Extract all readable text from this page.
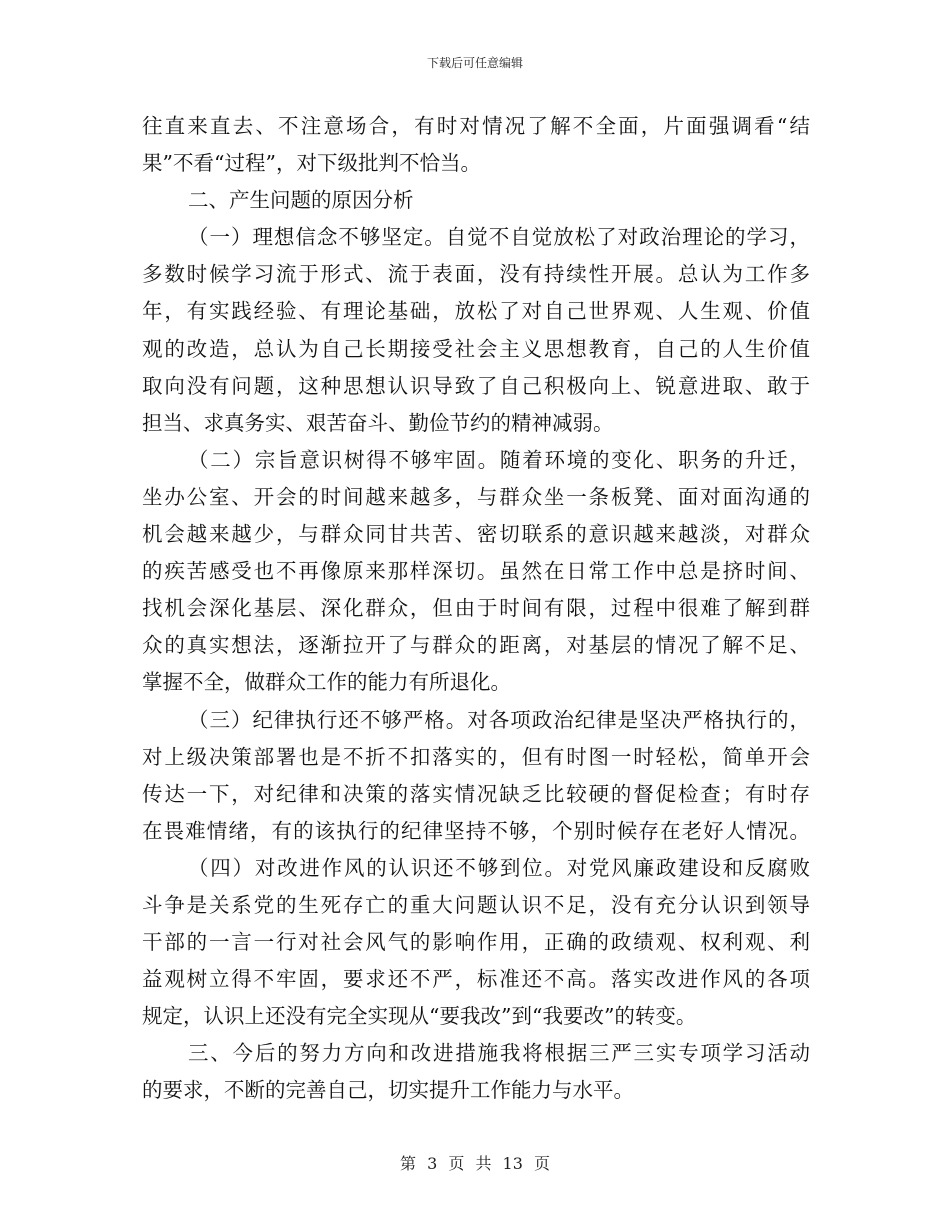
下载后可任意编辑
往直来直去、不注意场合，有时对情况了解不全面，片面强调看“结
果”不看“过程”，对下级批判不恰当。
二、产生问题的原因分析
（一）理想信念不够坚定。自觉不自觉放松了对政治理论的学习，
多数时候学习流于形式、流于表面，没有持续性开展。总认为工作多
年，有实践经验、有理论基础，放松了对自己世界观、人生观、价值
观的改造，总认为自己长期接受社会主义思想教育，自己的人生价值
取向没有问题，这种思想认识导致了自己积极向上、锐意进取、敢于
担当、求真务实、艰苦奋斗、勤俭节约的精神减弱。
（二）宗旨意识树得不够牢固。随着环境的变化、职务的升迁，
坐办公室、开会的时间越来越多，与群众坐一条板凳、面对面沟通的
机会越来越少，与群众同甘共苦、密切联系的意识越来越淡，对群众
的疾苦感受也不再像原来那样深切。虽然在日常工作中总是挤时间、
找机会深化基层、深化群众，但由于时间有限，过程中很难了解到群
众的真实想法，逐渐拉开了与群众的距离，对基层的情况了解不足、
掌握不全，做群众工作的能力有所退化。
（三）纪律执行还不够严格。对各项政治纪律是坚决严格执行的，
对上级决策部署也是不折不扣落实的，但有时图一时轻松，简单开会
传达一下，对纪律和决策的落实情况缺乏比较硬的督促检查；有时存
在畏难情绪，有的该执行的纪律坚持不够，个别时候存在老好人情况。
（四）对改进作风的认识还不够到位。对党风廉政建设和反腐败
斗争是关系党的生死存亡的重大问题认识不足，没有充分认识到领导
干部的一言一行对社会风气的影响作用，正确的政绩观、权利观、利
益观树立得不牢固，要求还不严，标准还不高。落实改进作风的各项
规定，认识上还没有完全实现从“要我改”到“我要改”的转变。
三、今后的努力方向和改进措施我将根据三严三实专项学习活动
的要求，不断的完善自己，切实提升工作能力与水平。
第 3 页 共 13 页
